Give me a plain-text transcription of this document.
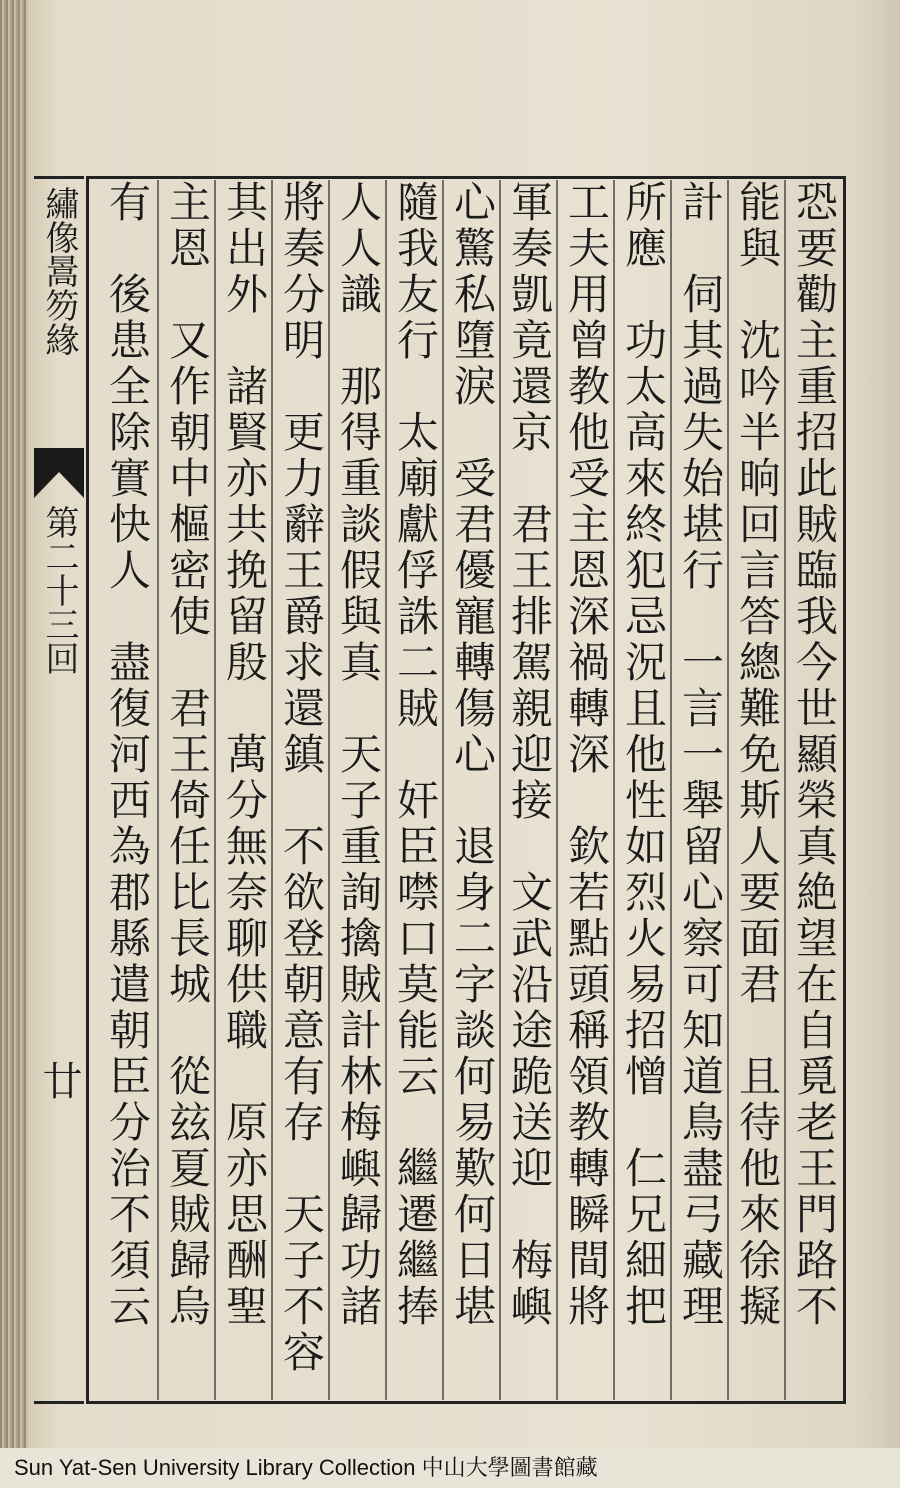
繡像暠笏緣
第二十三回
廿	恐要勸主重招此賊臨我今世顯榮真絶望在自覓老王門路不
能與　沈吟半晌回言答總難免斯人要面君　且待他來徐擬
計　伺其過失始堪行　一言一舉留心察可知道鳥盡弓藏理
所應　功太高來終犯忌況且他性如烈火易招憎　仁兄細把
工夫用曾教他受主恩深禍轉深　欽若點頭稱領教轉瞬間將
軍奏凱竟還京　君王排駕親迎接　文武沿途跪送迎　梅嶼
心驚私墮淚　受君優寵轉傷心　退身二字談何易歎何日堪
隨我友行　太廟獻俘誅二賊　奸臣噤口莫能云　繼遷繼捧
人人識　那得重談假與真　天子重詢擒賊計林梅嶼歸功諸
將奏分明　更力辭王爵求還鎮　不欲登朝意有存　天子不容
其出外　諸賢亦共挽留殷　萬分無奈聊供職　原亦思酬聖
主恩　又作朝中樞密使　君王倚任比長城　從玆夏賊歸烏
有　後患全除實快人　盡復河西為郡縣遣朝臣分治不須云
Sun Yat-Sen University Library Collection 中山大學圖書館藏
